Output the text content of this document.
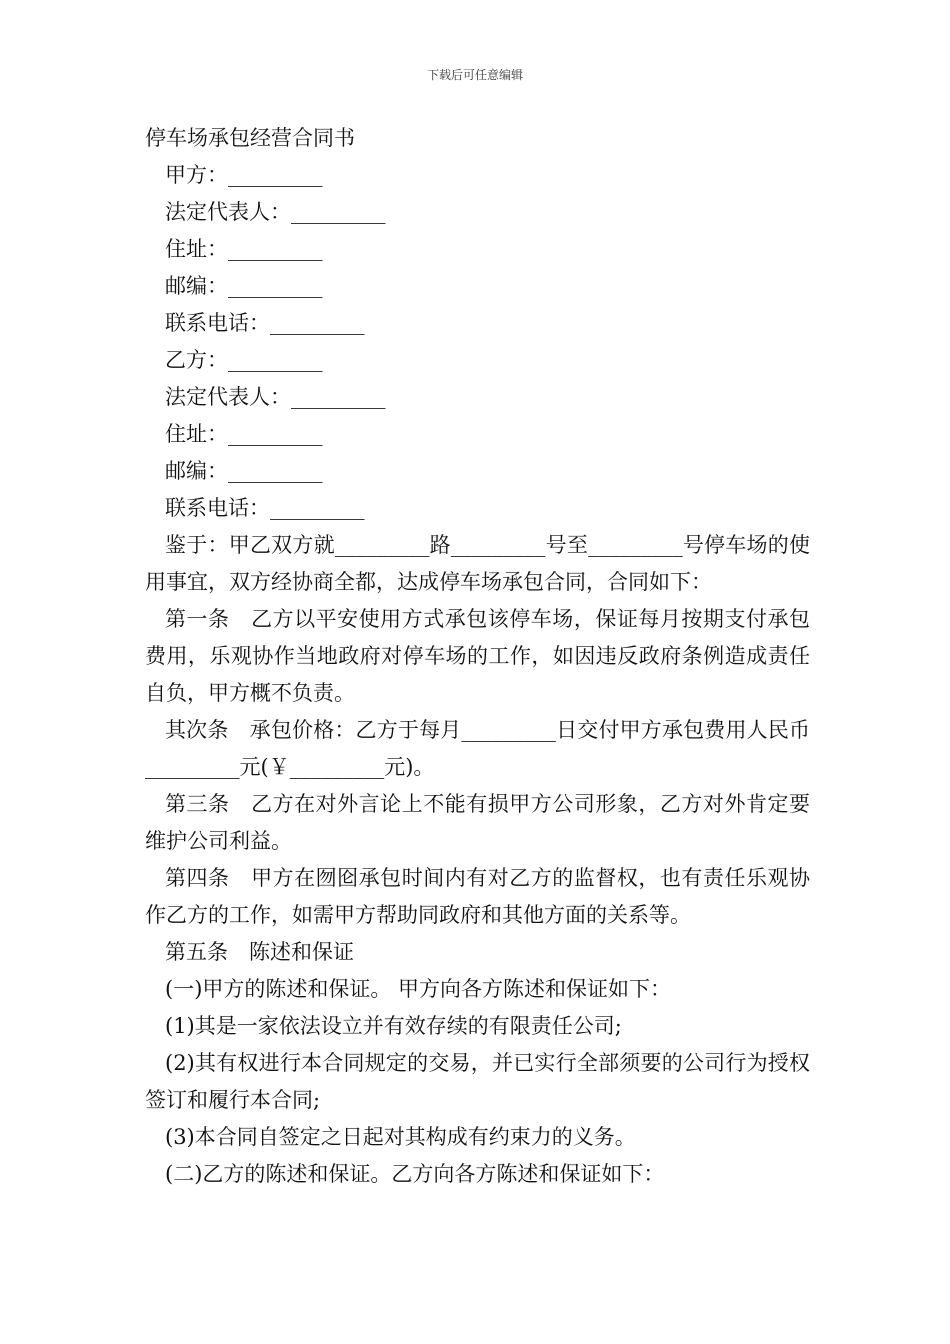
下载后可任意编辑
停车场承包经营合同书

甲方：_________

法定代表人：_________

住址：_________

邮编：_________

联系电话：_________

乙方：_________

法定代表人：_________

住址：_________

邮编：_________

联系电话：_________

鉴于：甲乙双方就_________路_________号至_________号停车场的使用事宜，双方经协商全都，达成停车场承包合同，合同如下：

第一条　乙方以平安使用方式承包该停车场，保证每月按期支付承包费用，乐观协作当地政府对停车场的工作，如因违反政府条例造成责任自负，甲方概不负责。

其次条　承包价格：乙方于每月_________日交付甲方承包费用人民币_________元(￥_________元)。

第三条　乙方在对外言论上不能有损甲方公司形象，乙方对外肯定要维护公司利益。

第四条　甲方在囫囵承包时间内有对乙方的监督权，也有责任乐观协作乙方的工作，如需甲方帮助同政府和其他方面的关系等。

第五条　陈述和保证

(一)甲方的陈述和保证。 甲方向各方陈述和保证如下：

(1)其是一家依法设立并有效存续的有限责任公司;

(2)其有权进行本合同规定的交易，并已实行全部须要的公司行为授权签订和履行本合同;

(3)本合同自签定之日起对其构成有约束力的义务。

(二)乙方的陈述和保证。乙方向各方陈述和保证如下：
